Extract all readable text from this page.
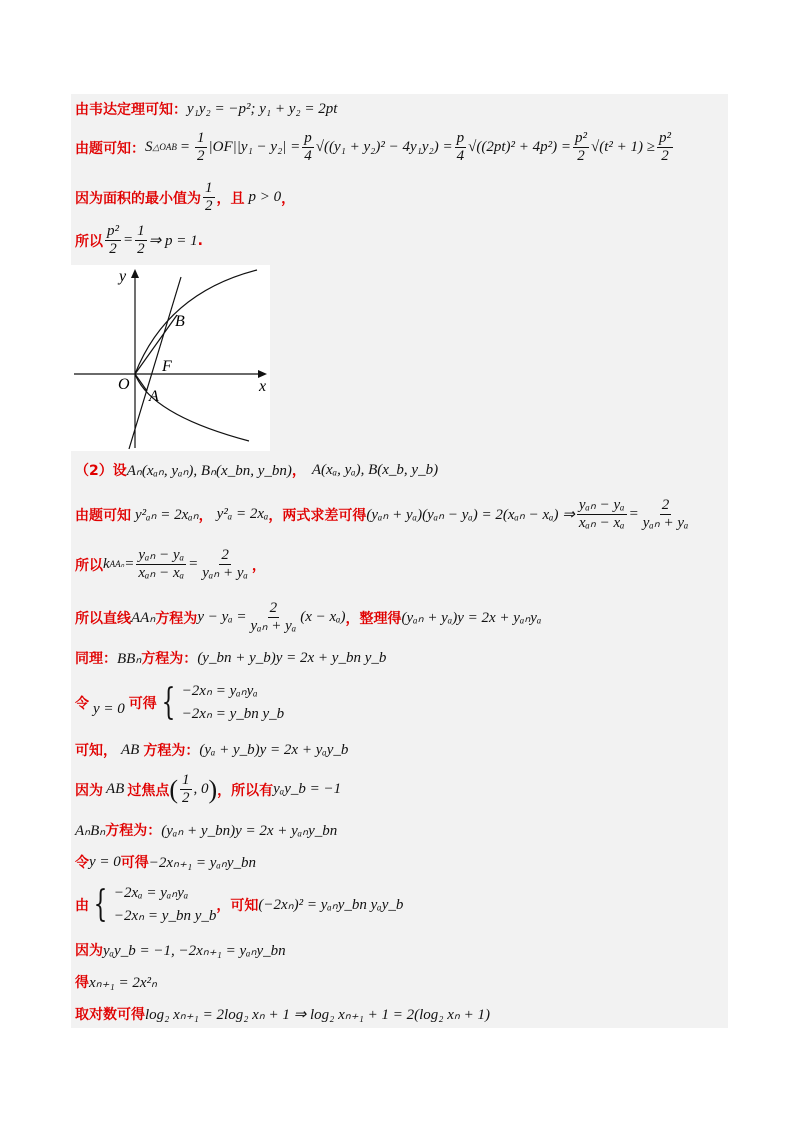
由韦达定理可知： y₁y₂ = −p²; y₁ + y₂ = 2pt
由题可知： S △OAB = $\frac{1}{2} |OF||y_1 - y_2| = \frac{p}{4} √((y_1 + y_2)^2 - 4y_1y_2) = \frac{p}{4} √((2pt)^2 + 4p^2) = \frac{\text{p²}}{2} √(t^2 + 1) \ge \frac{\text{p²}}{2}$
因为面积的最小值为 $\frac{1}{2}$ ，且 p > 0 ，
所以 $\frac{\text{p²}}{2} = \frac{1}{2}$ ⇒ p = 1 .
y
x
O
F
A
B
（2）设 Aₙ(xₐₙ, yₐₙ), Bₙ(x_bn, y_bn) ， A(xₐ, yₐ), B(x_b, y_b)
由题可知 y²ₐₙ = 2xₐₙ ， y²ₐ = 2xₐ ，两式求差可得 (yₐₙ + yₐ)(yₐₙ − yₐ) = 2(xₐₙ − xₐ) ⇒ $\frac{\text{yₐₙ − yₐ}}{\text{xₐₙ − xₐ}} = \frac{2}{\text{yₐₙ + yₐ}}$
所以 k $AA_n = \frac{\text{yₐₙ − yₐ}}{\text{xₐₙ − xₐ}} = \frac{2}{\text{yₐₙ + yₐ}}$ ，
所以直线 AAₙ 方程为 $y - y_a = \frac{2}{\text{yₐₙ + yₐ}} (x - x_a)$ ，整理得 (yₐₙ + yₐ)y = 2x + yₐₙyₐ
同理： BBₙ 方程为： (y_bn + y_b)y = 2x + y_bn y_b
令 y = 0 可得 { −2xₙ = yₐₙyₐ
−2xₙ = y_bn y_b
可知， AB 方程为： (yₐ + y_b)y = 2x + yₐy_b
因为 AB 过焦点 ( $\frac{1}{2}$ , 0 ) ，所以有 yₐy_b = −1
AₙBₙ 方程为： (yₐₙ + y_bn)y = 2x + yₐₙy_bn
令 y = 0 可得 −2xₙ₊₁ = yₐₙy_bn
由 { −2xₐ = yₐₙyₐ
−2xₙ = y_bn y_b
，可知 (−2xₙ)² = yₐₙy_bn yₐy_b
因为 yₐy_b = −1, −2xₙ₊₁ = yₐₙy_bn
得 xₙ₊₁ = 2x²ₙ
取对数可得 log₂ xₙ₊₁ = 2log₂ xₙ + 1 ⇒ log₂ xₙ₊₁ + 1 = 2(log₂ xₙ + 1)
